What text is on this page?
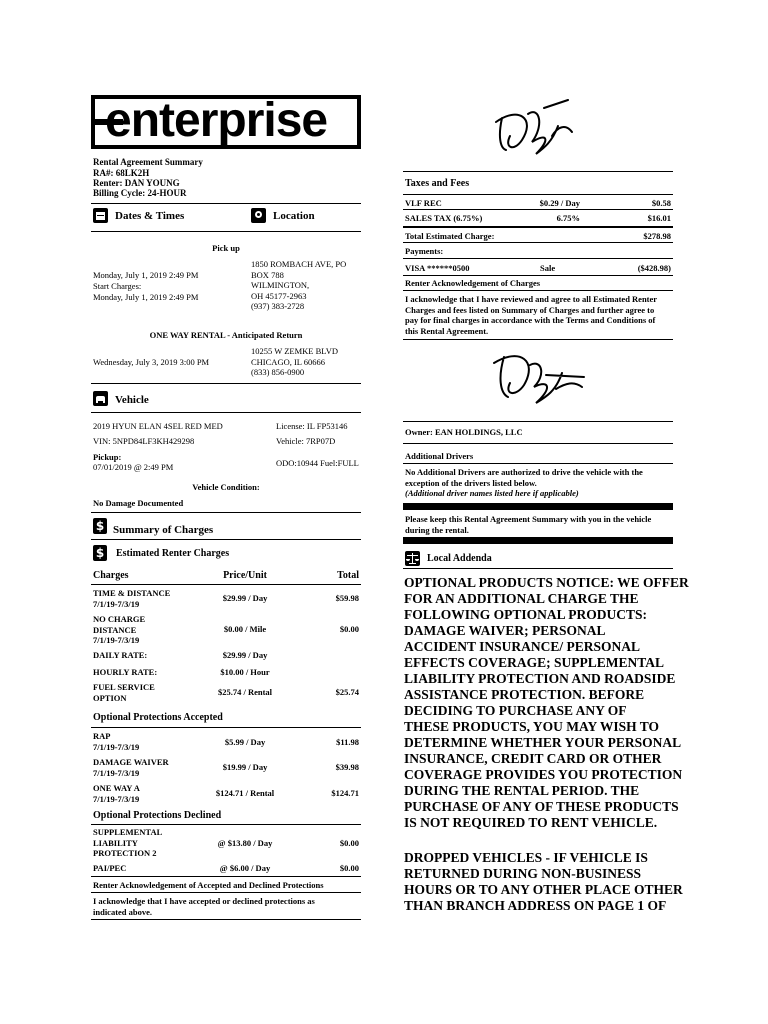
enterprise
Rental Agreement Summary
RA#: 68LK2H
Renter: DAN YOUNG
Billing Cycle: 24-HOUR
Dates & Times	Location
Pick up
Monday, July 1, 2019 2:49 PM
Start Charges:
Monday, July 1, 2019 2:49 PM
1850 ROMBACH AVE, PO
BOX 788
WILMINGTON,
OH 45177-2963
(937) 383-2728
ONE WAY RENTAL - Anticipated Return
Wednesday, July 3, 2019 3:00 PM
10255 W ZEMKE BLVD
CHICAGO, IL 60666
(833) 856-0900
Vehicle
2019 HYUN ELAN 4SEL RED MED	License: IL FP53146
VIN: 5NPD84LF3KH429298	Vehicle: 7RP07D
Pickup:
07/01/2019 @ 2:49 PM	ODO:10944 Fuel:FULL
Vehicle Condition:
No Damage Documented
$ Summary of Charges
$ Estimated Renter Charges
Charges	Price/Unit	Total
TIME & DISTANCE
7/1/19-7/3/19
$29.99 / Day	$59.98
NO CHARGE
DISTANCE
7/1/19-7/3/19
$0.00 / Mile	$0.00
DAILY RATE:	$29.99 / Day
HOURLY RATE:	$10.00 / Hour
FUEL SERVICE
OPTION
$25.74 / Rental	$25.74
Optional Protections Accepted
RAP
7/1/19-7/3/19	$5.99 / Day	$11.98
DAMAGE WAIVER
7/1/19-7/3/19
$19.99 / Day	$39.98
ONE WAY A
7/1/19-7/3/19
$124.71 / Rental	$124.71
Optional Protections Declined
SUPPLEMENTAL
LIABILITY
PROTECTION 2
@ $13.80 / Day	$0.00
PAI/PEC	@ $6.00 / Day	$0.00
Renter Acknowledgement of Accepted and Declined Protections
I acknowledge that I have accepted or declined protections as
indicated above.
Taxes and Fees
VLF REC	$0.29 / Day	$0.58
SALES TAX (6.75%)	6.75%	$16.01
Total Estimated Charge:	$278.98
Payments:
VISA ******0500	Sale	($428.98)
Renter Acknowledgement of Charges
I acknowledge that I have reviewed and agree to all Estimated Renter
Charges and fees listed on Summary of Charges and further agree to
pay for final charges in accordance with the Terms and Conditions of
this Rental Agreement.
Owner: EAN HOLDINGS, LLC
Additional Drivers
No Additional Drivers are authorized to drive the vehicle with the
exception of the drivers listed below.
(Additional driver names listed here if applicable)
Please keep this Rental Agreement Summary with you in the vehicle
during the rental.
Local Addenda
OPTIONAL PRODUCTS NOTICE: WE OFFER
FOR AN ADDITIONAL CHARGE THE
FOLLOWING OPTIONAL PRODUCTS:
DAMAGE WAIVER; PERSONAL
ACCIDENT INSURANCE/ PERSONAL
EFFECTS COVERAGE; SUPPLEMENTAL
LIABILITY PROTECTION AND ROADSIDE
ASSISTANCE PROTECTION. BEFORE
DECIDING TO PURCHASE ANY OF
THESE PRODUCTS, YOU MAY WISH TO
DETERMINE WHETHER YOUR PERSONAL
INSURANCE, CREDIT CARD OR OTHER
COVERAGE PROVIDES YOU PROTECTION
DURING THE RENTAL PERIOD. THE
PURCHASE OF ANY OF THESE PRODUCTS
IS NOT REQUIRED TO RENT VEHICLE.
DROPPED VEHICLES - IF VEHICLE IS
RETURNED DURING NON-BUSINESS
HOURS OR TO ANY OTHER PLACE OTHER
THAN BRANCH ADDRESS ON PAGE 1 OF
